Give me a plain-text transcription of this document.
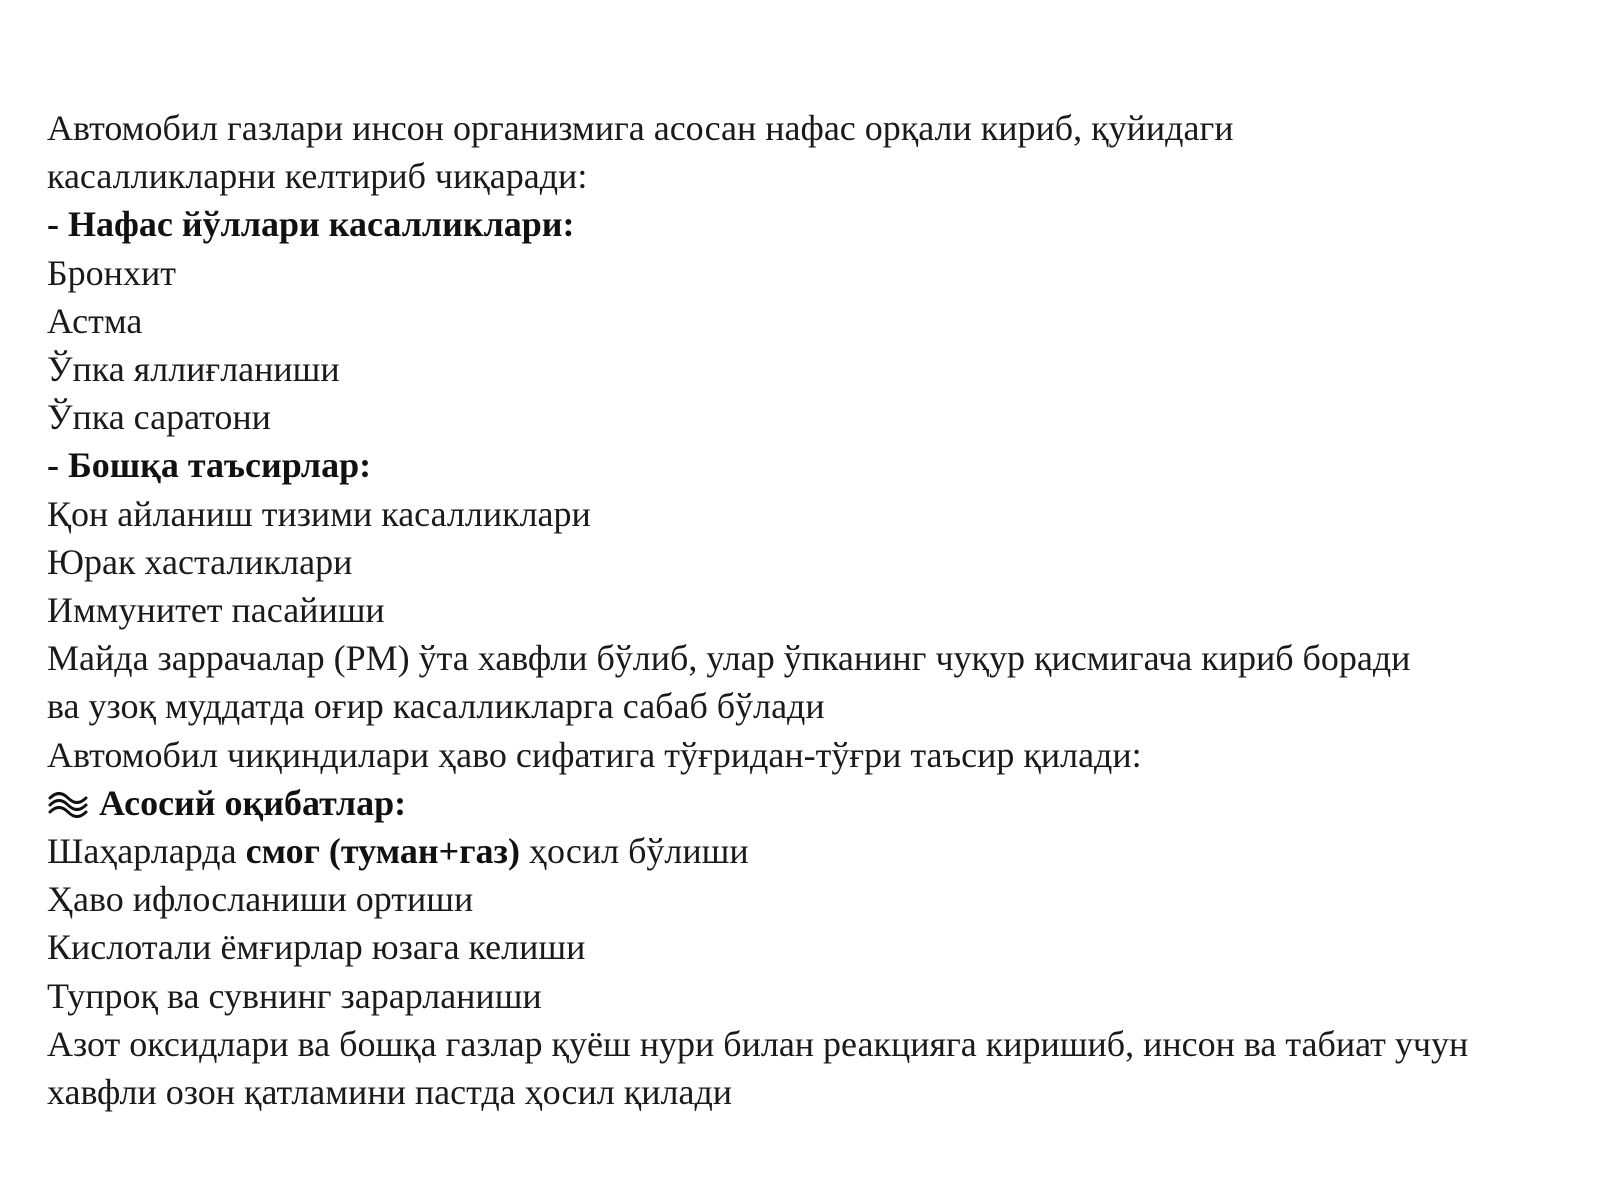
Автомобил газлари инсон организмига асосан нафас орқали кириб, қуйидаги касалликларни келтириб чиқаради:
- Нафас йўллари касалликлари:
Бронхит
Астма
Ўпка яллиғланиши
Ўпка саратони
- Бошқа таъсирлар:
Қон айланиш тизими касалликлари
Юрак хасталиклари
Иммунитет пасайиши
Майда заррачалар (PM) ўта хавфли бўлиб, улар ўпканинг чуқур қисмигача кириб боради ва узоқ муддатда оғир касалликларга сабаб бўлади
Автомобил чиқиндилари ҳаво сифатига тўғридан-тўғри таъсир қилади:
Асосий оқибатлар:
Шаҳарларда смог (туман+газ) ҳосил бўлиши
Ҳаво ифлосланиши ортиши
Кислотали ёмғирлар юзага келиши
Тупроқ ва сувнинг зарарланиши
Азот оксидлари ва бошқа газлар қуёш нури билан реакцияга киришиб, инсон ва табиат учун хавфли озон қатламини пастда ҳосил қилади
